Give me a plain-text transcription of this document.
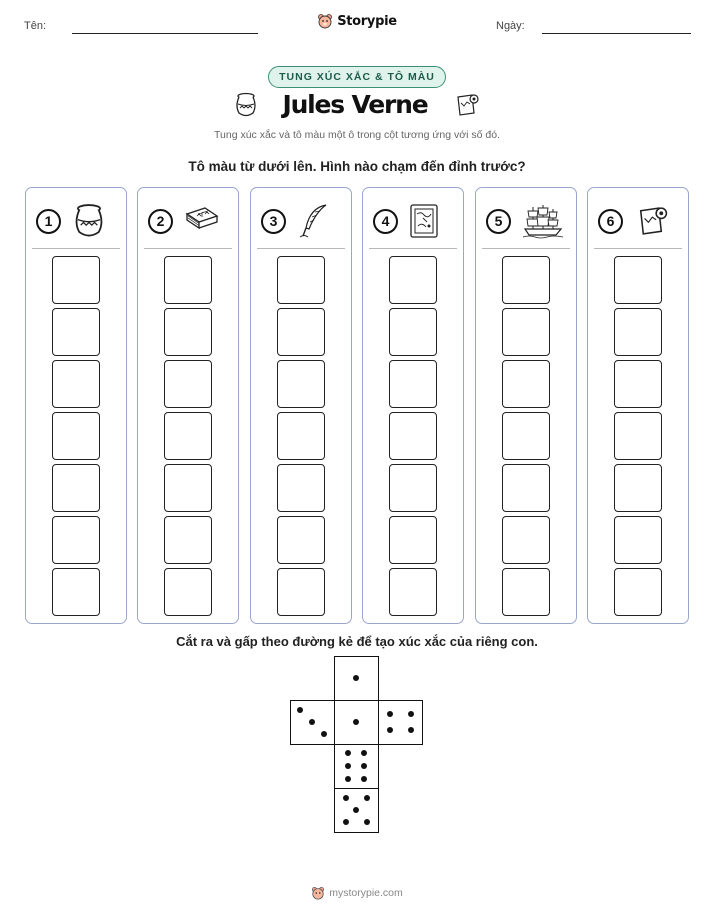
Tên:	Storypie	Ngày:
TUNG XÚC XẮC & TÔ MÀU
Jules Verne
Tung xúc xắc và tô màu một ô trong cột tương ứng với số đó.
Tô màu từ dưới lên. Hình nào chạm đến đỉnh trước?
1	2	3	4	5	6
Cắt ra và gấp theo đường kẻ để tạo xúc xắc của riêng con.
mystorypie.com
